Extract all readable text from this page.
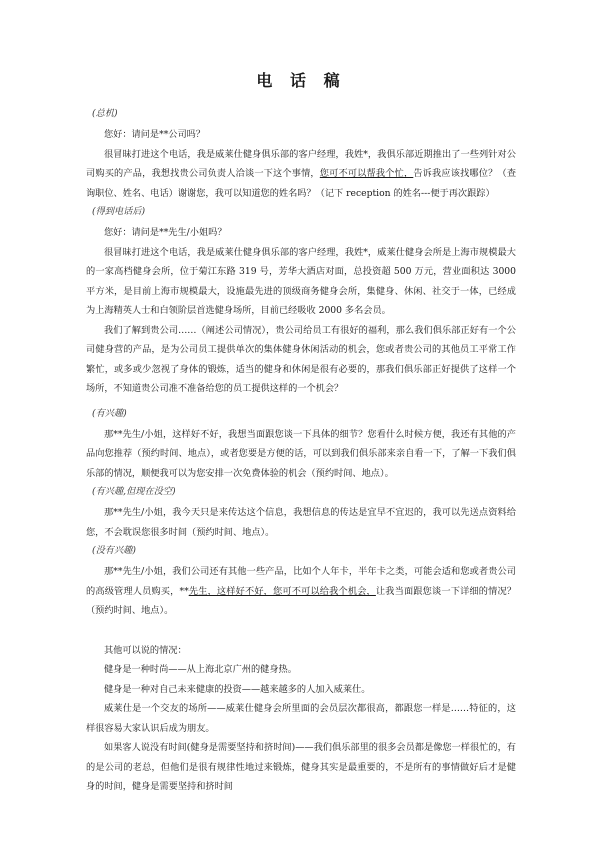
电 话 稿
(总机)

您好：请问是**公司吗？

很冒昧打进这个电话，我是威莱仕健身俱乐部的客户经理，我姓*，我俱乐部近期推出了一些列针对公司购买的产品，我想找贵公司负责人洽谈一下这个事情，您可不可以帮我个忙，告诉我应该找哪位？（查询职位、姓名、电话）谢谢您，我可以知道您的姓名吗？（记下 reception 的姓名---便于再次跟踪）

(得到电话后)

您好：请问是**先生/小姐吗？

很冒昧打进这个电话，我是威莱仕健身俱乐部的客户经理，我姓*，威莱仕健身会所是上海市规模最大的一家高档健身会所，位于菊江东路 319 号，芳华大酒店对面，总投资超 500 万元，营业面积达 3000 平方米，是目前上海市规模最大，设施最先进的顶级商务健身会所，集健身、休闲、社交于一体，已经成为上海精英人士和白领阶层首选健身场所，目前已经吸收 2000 多名会员。

我们了解到贵公司……（阐述公司情况），贵公司给员工有很好的福利，那么我们俱乐部正好有一个公司健身营的产品，是为公司员工提供单次的集体健身休闲活动的机会，您或者贵公司的其他员工平常工作繁忙，或多或少忽视了身体的锻炼，适当的健身和休闲是很有必要的，那我们俱乐部正好提供了这样一个场所，不知道贵公司准不准备给您的员工提供这样的一个机会？

(有兴趣)

那**先生/小姐，这样好不好，我想当面跟您谈一下具体的细节？您看什么时候方便，我还有其他的产品向您推荐（预约时间、地点），或者您要是方便的话，可以到我们俱乐部来亲自看一下，了解一下我们俱乐部的情况，顺便我可以为您安排一次免费体验的机会（预约时间、地点）。

(有兴趣,但现在没空)

那**先生/小姐，我今天只是来传达这个信息，我想信息的传达是宜早不宜迟的，我可以先送点资料给您，不会耽误您很多时间（预约时间、地点）。

(没有兴趣)

那**先生/小姐，我们公司还有其他一些产品，比如个人年卡，半年卡之类，可能会适和您或者贵公司的高级管理人员购买，**先生，这样好不好，您可不可以给我个机会，让我当面跟您谈一下详细的情况？（预约时间、地点）。

其他可以说的情况：

健身是一种时尚——从上海北京广州的健身热。

健身是一种对自己未来健康的投资——越来越多的人加入威莱仕。

威莱仕是一个交友的场所——威莱仕健身会所里面的会员层次都很高，都跟您一样是……特征的，这样很容易大家认识后成为朋友。

如果客人说没有时间(健身是需要坚持和挤时间)——我们俱乐部里的很多会员都是像您一样很忙的，有的是公司的老总，但他们是很有规律性地过来锻炼，健身其实是最重要的，不是所有的事情做好后才是健身的时间，健身是需要坚持和挤时间
